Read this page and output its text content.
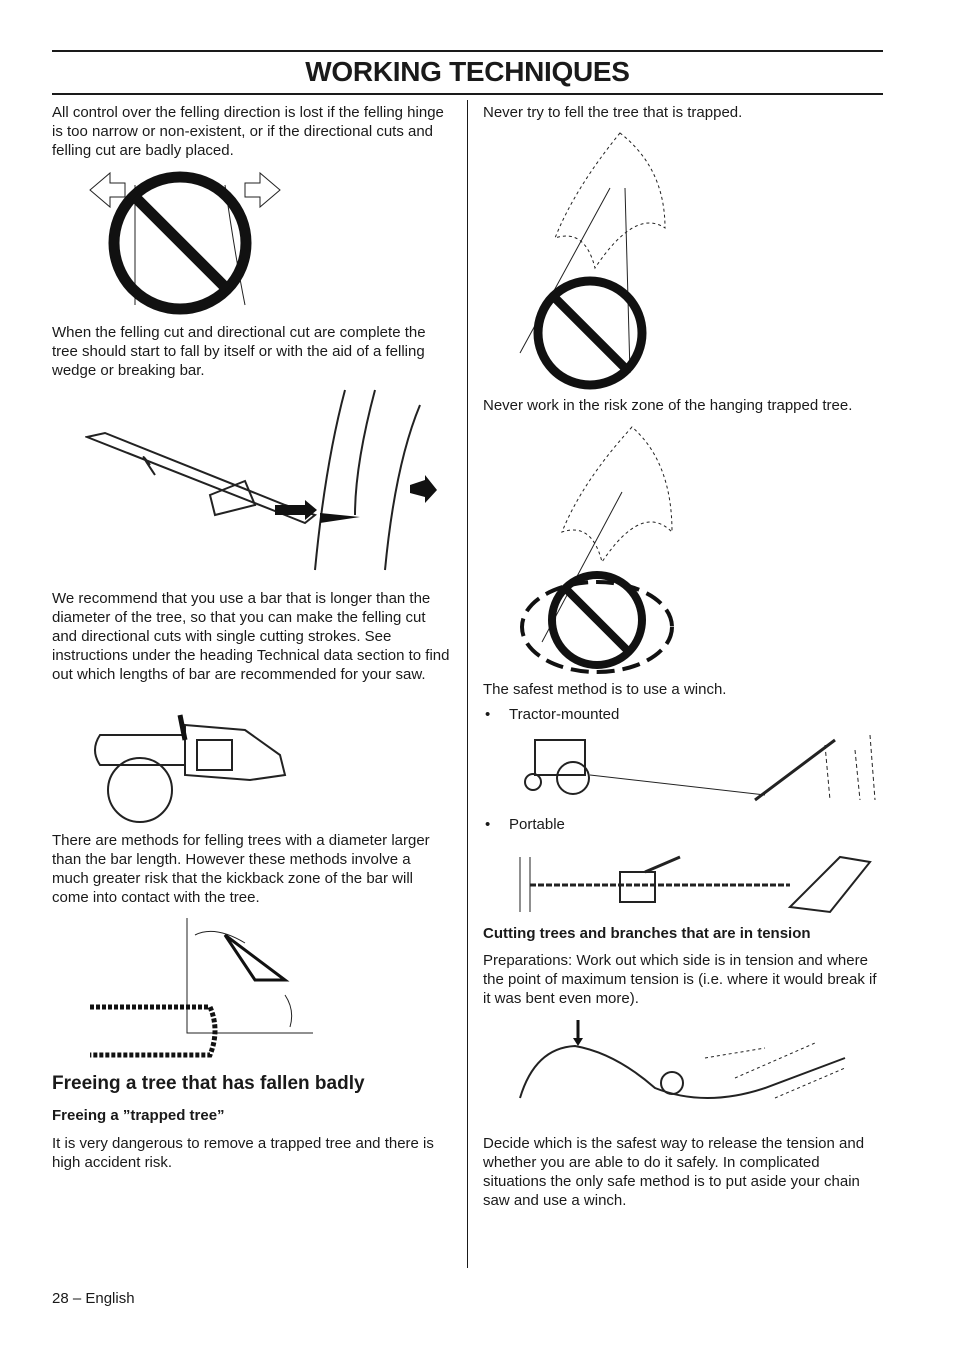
WORKING TECHNIQUES
All control over the felling direction is lost if the felling hinge is too narrow or non-existent, or if the directional cuts and felling cut are badly placed.
When the felling cut and directional cut are complete the tree should start to fall by itself or with the aid of a felling wedge or breaking bar.
We recommend that you use a bar that is longer than the diameter of the tree, so that you can make the felling cut and directional cuts with single cutting strokes. See instructions under the heading Technical data section to find out which lengths of bar are recommended for your saw.
There are methods for felling trees with a diameter larger than the bar length. However these methods involve a much greater risk that the kickback zone of the bar will come into contact with the tree.
Freeing a tree that has fallen badly
Freeing a ”trapped tree”
It is very dangerous to remove a trapped tree and there is high accident risk.
Never try to fell the tree that is trapped.
Never work in the risk zone of the hanging trapped tree.
The safest method is to use a winch.
• Tractor-mounted
• Portable
Cutting trees and branches that are in tension
Preparations: Work out which side is in tension and where the point of maximum tension is (i.e. where it would break if it was bent even more).
Decide which is the safest way to release the tension and whether you are able to do it safely. In complicated situations the only safe method is to put aside your chain saw and use a winch.
28 – English
